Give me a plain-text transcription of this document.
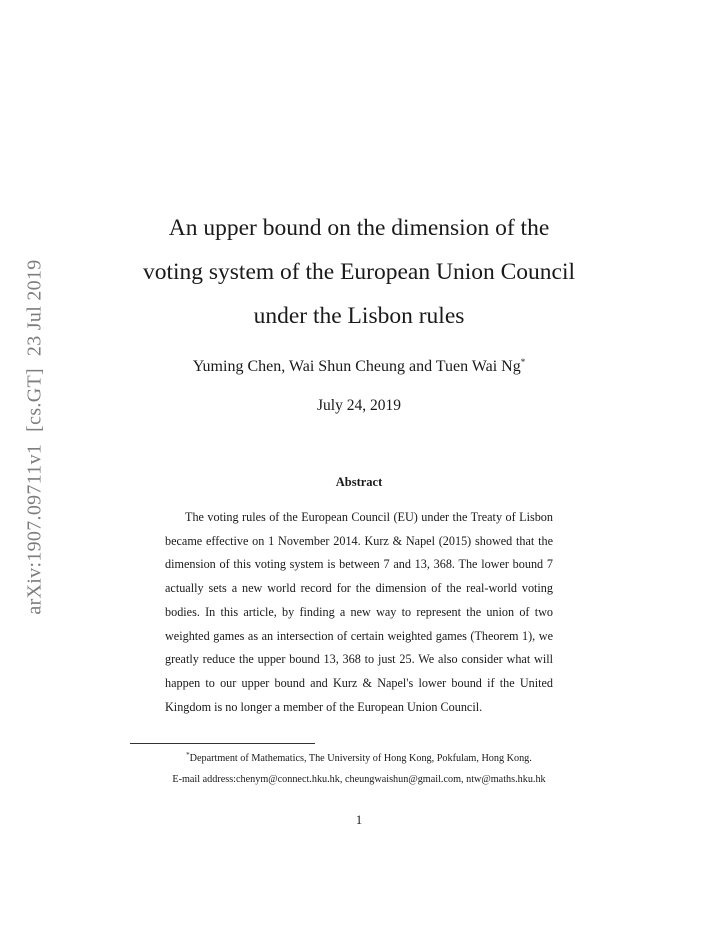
arXiv:1907.09711v1[cs.GT]23 Jul 2019
An upper bound on the dimension of the
voting system of the European Union Council
under the Lisbon rules
Yuming Chen, Wai Shun Cheung and Tuen Wai Ng*
July 24, 2019
Abstract
The voting rules of the European Council (EU) under the Treaty of Lisbon became effective on 1 November 2014. Kurz & Napel (2015) showed that the dimension of this voting system is between 7 and 13, 368. The lower bound 7 actually sets a new world record for the dimension of the real-world voting bodies. In this article, by finding a new way to represent the union of two weighted games as an intersection of certain weighted games (Theorem 1), we greatly reduce the upper bound 13, 368 to just 25. We also consider what will happen to our upper bound and Kurz & Napel's lower bound if the United Kingdom is no longer a member of the European Union Council.
*Department of Mathematics, The University of Hong Kong, Pokfulam, Hong Kong.
E-mail address:chenym@connect.hku.hk, cheungwaishun@gmail.com, ntw@maths.hku.hk
1
